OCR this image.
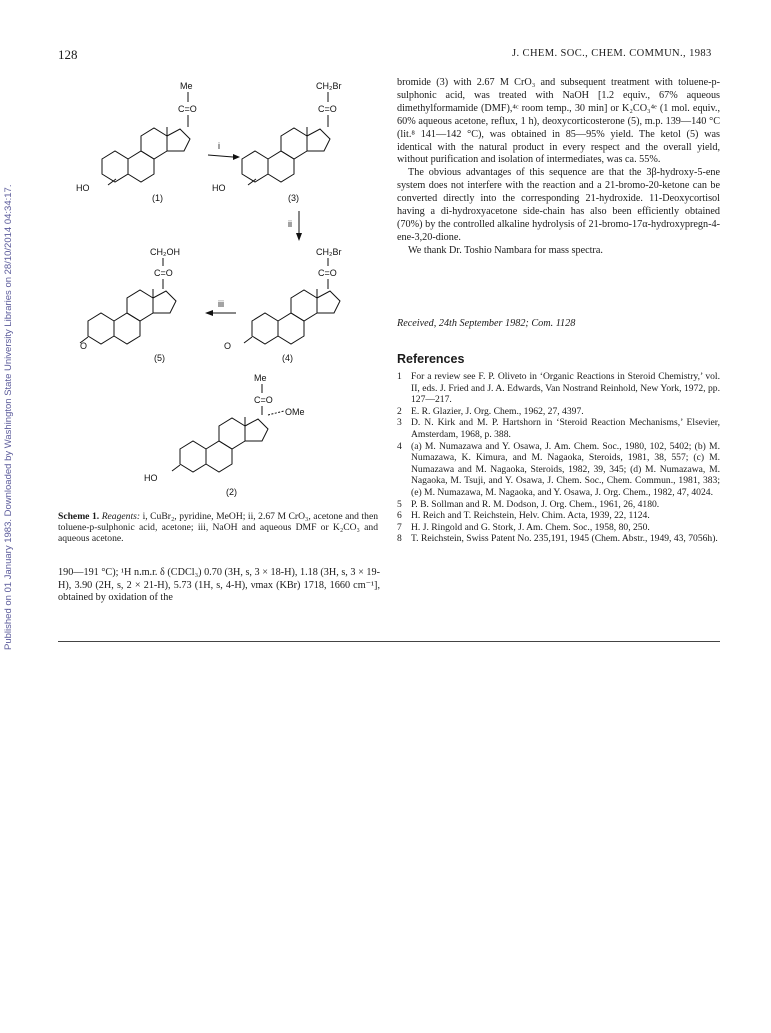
128	J. CHEM. SOC., CHEM. COMMUN., 1983
Published on 01 January 1983. Downloaded by Washington State University Libraries on 28/10/2014 04:34:17.
Me
C=O
HO
(1)
i
CH₂Br
C=O
HO
(3)
ii
CH₂OH
C=O
O
(5)
iii
CH₂Br
C=O
O
(4)
Me
C=O
OMe
HO
(2)
Scheme 1. Reagents: i, CuBr₂, pyridine, MeOH; ii, 2.67 M CrO₃, acetone and then toluene-p-sulphonic acid, acetone; iii, NaOH and aqueous DMF or K₂CO₃ and aqueous acetone.
190—191 °C); ¹H n.m.r. δ (CDCl₃) 0.70 (3H, s, 3 × 18-H), 1.18 (3H, s, 3 × 19-H), 3.90 (2H, s, 2 × 21-H), 5.73 (1H, s, 4-H), νmax (KBr) 1718, 1660 cm⁻¹], obtained by oxidation of the

bromide (3) with 2.67 M CrO₃ and subsequent treatment with toluene-p-sulphonic acid, was treated with NaOH [1.2 equiv., 67% aqueous dimethylformamide (DMF),⁴ᶜ room temp., 30 min] or K₂CO₃⁴ᵉ (1 mol. equiv., 60% aqueous acetone, reflux, 1 h), deoxycorticosterone (5), m.p. 139—140 °C (lit.⁸ 141—142 °C), was obtained in 85—95% yield. The ketol (5) was identical with the natural product in every respect and the overall yield, without purification and isolation of intermediates, was ca. 55%.

The obvious advantages of this sequence are that the 3β-hydroxy-5-ene system does not interfere with the reaction and a 21-bromo-20-ketone can be converted directly into the corresponding 21-hydroxide. 11-Deoxycortisol having a di-hydroxyacetone side-chain has also been efficiently obtained (70%) by the controlled alkaline hydrolysis of 21-bromo-17α-hydroxypregn-4-ene-3,20-dione.

We thank Dr. Toshio Nambara for mass spectra.

Received, 24th September 1982; Com. 1128
References
1 For a review see F. P. Oliveto in ‘Organic Reactions in Steroid Chemistry,’ vol. II, eds. J. Fried and J. A. Edwards, Van Nostrand Reinhold, New York, 1972, pp. 127—217.
2 E. R. Glazier, J. Org. Chem., 1962, 27, 4397.
3 D. N. Kirk and M. P. Hartshorn in ‘Steroid Reaction Mechanisms,’ Elsevier, Amsterdam, 1968, p. 388.
4 (a) M. Numazawa and Y. Osawa, J. Am. Chem. Soc., 1980, 102, 5402; (b) M. Numazawa, K. Kimura, and M. Nagaoka, Steroids, 1981, 38, 557; (c) M. Numazawa and M. Nagaoka, Steroids, 1982, 39, 345; (d) M. Numazawa, M. Nagaoka, M. Tsuji, and Y. Osawa, J. Chem. Soc., Chem. Commun., 1981, 383; (e) M. Numazawa, M. Nagaoka, and Y. Osawa, J. Org. Chem., 1982, 47, 4024.
5 P. B. Sollman and R. M. Dodson, J. Org. Chem., 1961, 26, 4180.
6 H. Reich and T. Reichstein, Helv. Chim. Acta, 1939, 22, 1124.
7 H. J. Ringold and G. Stork, J. Am. Chem. Soc., 1958, 80, 250.
8 T. Reichstein, Swiss Patent No. 235,191, 1945 (Chem. Abstr., 1949, 43, 7056h).
